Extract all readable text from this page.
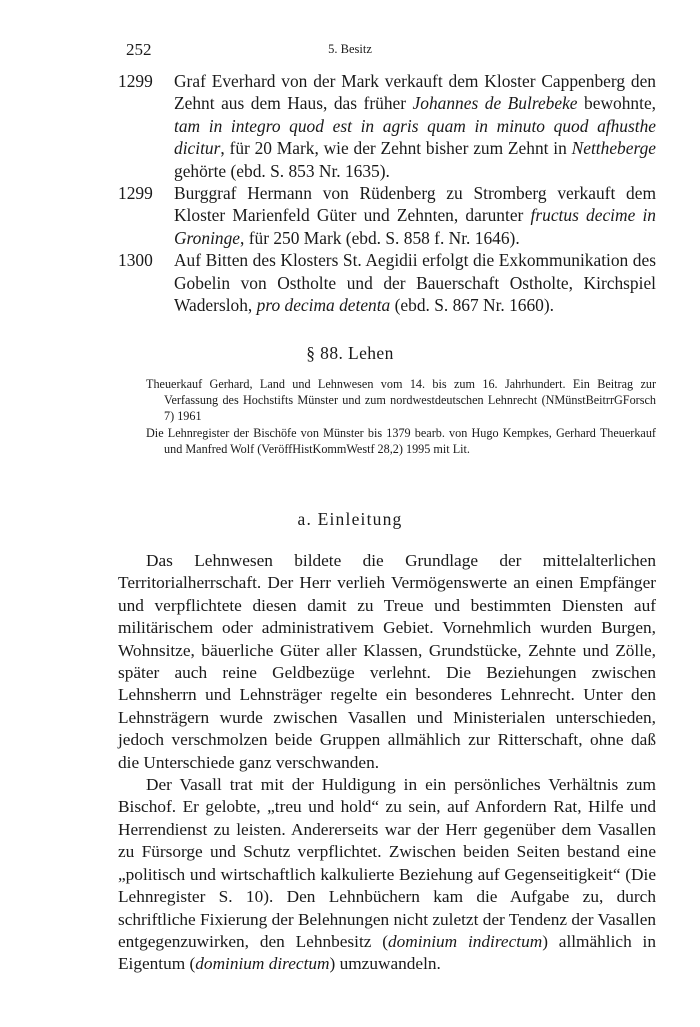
252	5. Besitz
1299	Graf Everhard von der Mark verkauft dem Kloster Cappenberg den Zehnt aus dem Haus, das früher Johannes de Bulrebeke bewohnte, tam in integro quod est in agris quam in minuto quod afhusthe dicitur, für 20 Mark, wie der Zehnt bisher zum Zehnt in Nettheberge gehörte (ebd. S. 853 Nr. 1635).
1299	Burggraf Hermann von Rüdenberg zu Stromberg verkauft dem Kloster Marienfeld Güter und Zehnten, darunter fructus decime in Groninge, für 250 Mark (ebd. S. 858 f. Nr. 1646).
1300	Auf Bitten des Klosters St. Aegidii erfolgt die Exkommunikation des Gobelin von Ostholte und der Bauerschaft Ostholte, Kirchspiel Wadersloh, pro decima detenta (ebd. S. 867 Nr. 1660).
§ 88. Lehen
Theuerkauf Gerhard, Land und Lehnwesen vom 14. bis zum 16. Jahrhundert. Ein Beitrag zur Verfassung des Hochstifts Münster und zum nordwestdeutschen Lehnrecht (NMünstBeitrrGForsch 7) 1961
Die Lehnregister der Bischöfe von Münster bis 1379 bearb. von Hugo Kempkes, Gerhard Theuerkauf und Manfred Wolf (VeröffHistKommWestf 28,2) 1995 mit Lit.
a. Einleitung

Das Lehnwesen bildete die Grundlage der mittelalterlichen Territorialherrschaft. Der Herr verlieh Vermögenswerte an einen Empfänger und verpflichtete diesen damit zu Treue und bestimmten Diensten auf militärischem oder administrativem Gebiet. Vornehmlich wurden Burgen, Wohnsitze, bäuerliche Güter aller Klassen, Grundstücke, Zehnte und Zölle, später auch reine Geldbezüge verlehnt. Die Beziehungen zwischen Lehnsherrn und Lehnsträger regelte ein besonderes Lehnrecht. Unter den Lehnsträgern wurde zwischen Vasallen und Ministerialen unterschieden, jedoch verschmolzen beide Gruppen allmählich zur Ritterschaft, ohne daß die Unterschiede ganz verschwanden.

Der Vasall trat mit der Huldigung in ein persönliches Verhältnis zum Bischof. Er gelobte, „treu und hold“ zu sein, auf Anfordern Rat, Hilfe und Herrendienst zu leisten. Andererseits war der Herr gegenüber dem Vasallen zu Fürsorge und Schutz verpflichtet. Zwischen beiden Seiten bestand eine „politisch und wirtschaftlich kalkulierte Beziehung auf Gegenseitigkeit“ (Die Lehnregister S. 10). Den Lehnbüchern kam die Aufgabe zu, durch schriftliche Fixierung der Belehnungen nicht zuletzt der Tendenz der Vasallen entgegenzuwirken, den Lehnbesitz (dominium indirectum) allmählich in Eigentum (dominium directum) umzuwandeln.
